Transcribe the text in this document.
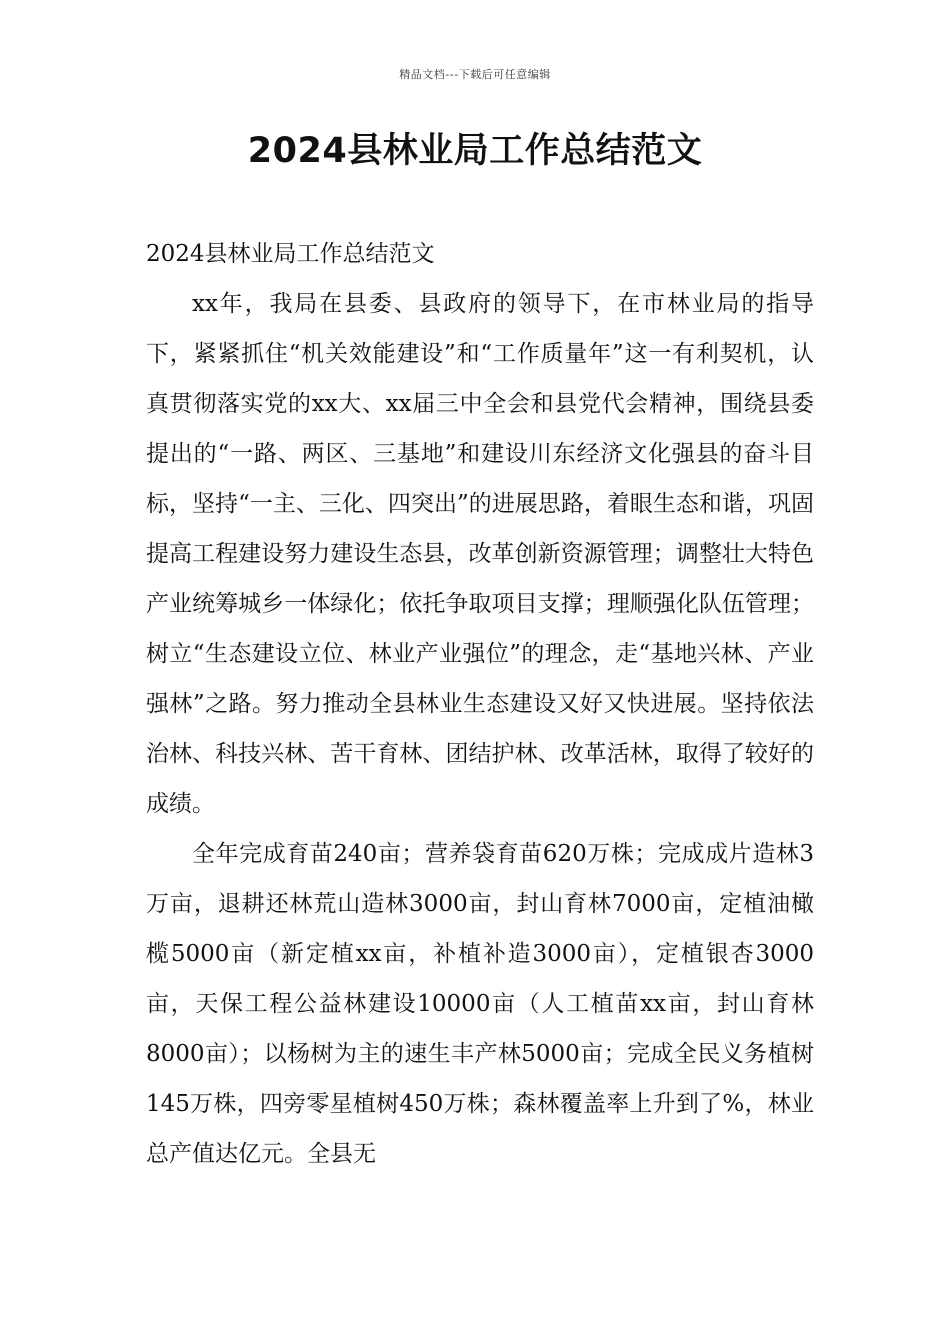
精品文档---下载后可任意编辑
2024县林业局工作总结范文

2024县林业局工作总结范文

xx年，我局在县委、县政府的领导下，在市林业局的指导下，紧紧抓住“机关效能建设”和“工作质量年”这一有利契机，认真贯彻落实党的xx大、xx届三中全会和县党代会精神，围绕县委提出的“一路、两区、三基地”和建设川东经济文化强县的奋斗目标，坚持“一主、三化、四突出”的进展思路，着眼生态和谐，巩固提高工程建设努力建设生态县，改革创新资源管理；调整壮大特色产业统筹城乡一体绿化；依托争取项目支撑；理顺强化队伍管理；树立“生态建设立位、林业产业强位”的理念，走“基地兴林、产业强林”之路。努力推动全县林业生态建设又好又快进展。坚持依法治林、科技兴林、苦干育林、团结护林、改革活林，取得了较好的成绩。

全年完成育苗240亩；营养袋育苗620万株；完成成片造林3万亩，退耕还林荒山造林3000亩，封山育林7000亩，定植油橄榄5000亩（新定植xx亩，补植补造3000亩），定植银杏3000亩，天保工程公益林建设10000亩（人工植苗xx亩，封山育林8000亩）；以杨树为主的速生丰产林5000亩；完成全民义务植树145万株，四旁零星植树450万株；森林覆盖率上升到了%，林业总产值达亿元。全县无
